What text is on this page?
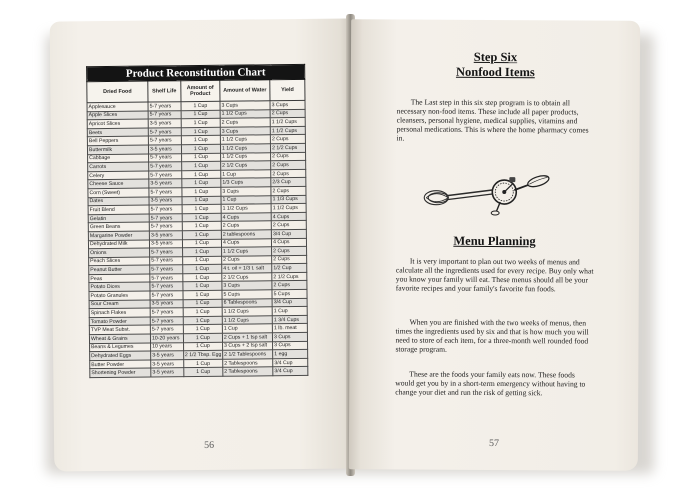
Product Reconstitution Chart				
Dried Food	Shelf Life	Amount of Product	Amount of Water	Yield
Applesauce	5-7 years	1 Cup	3 Cups	3 Cups
Apple Slices	5-7 years	1 Cup	1 1/2 Cups	2 Cups
Apricot Slices	3-5 years	1 Cup	2 Cups	1 1/2 Cups
Beets	5-7 years	1 Cup	3 Cups	1 1/2 Cups
Bell Peppers	5-7 years	1 Cup	1 1/2 Cups	2 Cups
Buttermilk	3-5 years	1 Cup	1 1/2 Cups	2 1/2 Cups
Cabbage	5-7 years	1 Cup	1 1/2 Cups	2 Cups
Carrots	5-7 years	1 Cup	2 1/2 Cups	2 Cups
Celery	5-7 years	1 Cup	1 Cup	2 Cups
Cheese Sauce	3-5 years	1 Cup	1/3 Cups	2/3 Cup
Corn (Sweet)	5-7 years	1 Cup	3 Cups	2 Cups
Dates	3-5 years	1 Cup	1 Cup	1 1/3 Cups
Fruit Blend	5-7 years	1 Cup	1 1/2 Cups	1 1/2 Cups
Gelatin	5-7 years	1 Cup	4 Cups	4 Cups
Green Beans	5-7 years	1 Cup	2 Cups	2 Cups
Margarine Powder	3-5 years	1 Cup	2 tablespoons	3/4 Cup
Dehydrated Milk	3-5 years	1 Cup	4 Cups	4 Cups
Onions	5-7 years	1 Cup	1 1/2 Cups	2 Cups
Peach Slices	5-7 years	1 Cup	2 Cups	2 Cups
Peanut Butter	5-7 years	1 Cup	4 t. oil + 1/3 t. salt	1/2 Cup
Peas	5-7 years	1 Cup	2 1/2 Cups	2 1/2 Cups
Potato Dices	5-7 years	1 Cup	3 Cups	2 Cups
Potato Granules	5-7 years	1 Cup	5 Cups	5 Cups
Sour Cream	3-5 years	1 Cup	6 Tablespoons	3/4 Cup
Spinach Flakes	5-7 years	1 Cup	1 1/2 Cups	1 Cup
Tomato Powder	5-7 years	1 Cup	1 1/2 Cups	1 3/4 Cups
TVP Meat Subst.	5-7 years	1 Cup	1 Cup	1 lb. meat
Wheat & Grains	10-20 years	1 Cup	2 Cups + 1 tsp salt	3 Cups
Beans & Legumes	10 years	1 Cup	3 Cups + 2 tsp salt	3 Cups
Dehydrated Eggs	3-5 years	2 1/2 Tbsp. Egg	2 1/2 Tablespoons	1 egg
Butter Powder	3-5 years	1 Cup	2 Tablespoons	3/4 Cup
Shortening Powder	3-5 years	1 Cup	2 Tablespoons	3/4 Cup
56
Step Six
Nonfood Items

The Last step in this six step program is to obtain all necessary non-food items. These include all paper products, cleansers, personal hygiene, medical supplies, vitamins and personal medications. This is where the home pharmacy comes in.

Menu Planning

It is very important to plan out two weeks of menus and calculate all the ingredients used for every recipe. Buy only what you know your family will eat. These menus should all be your favorite recipes and your family's favorite fun foods.

When you are finished with the two weeks of menus, then times the ingredients used by six and that is how much you will need to store of each item, for a three-month well rounded food storage program.

These are the foods your family eats now. These foods would get you by in a short-term emergency without having to change your diet and run the risk of getting sick.

57
